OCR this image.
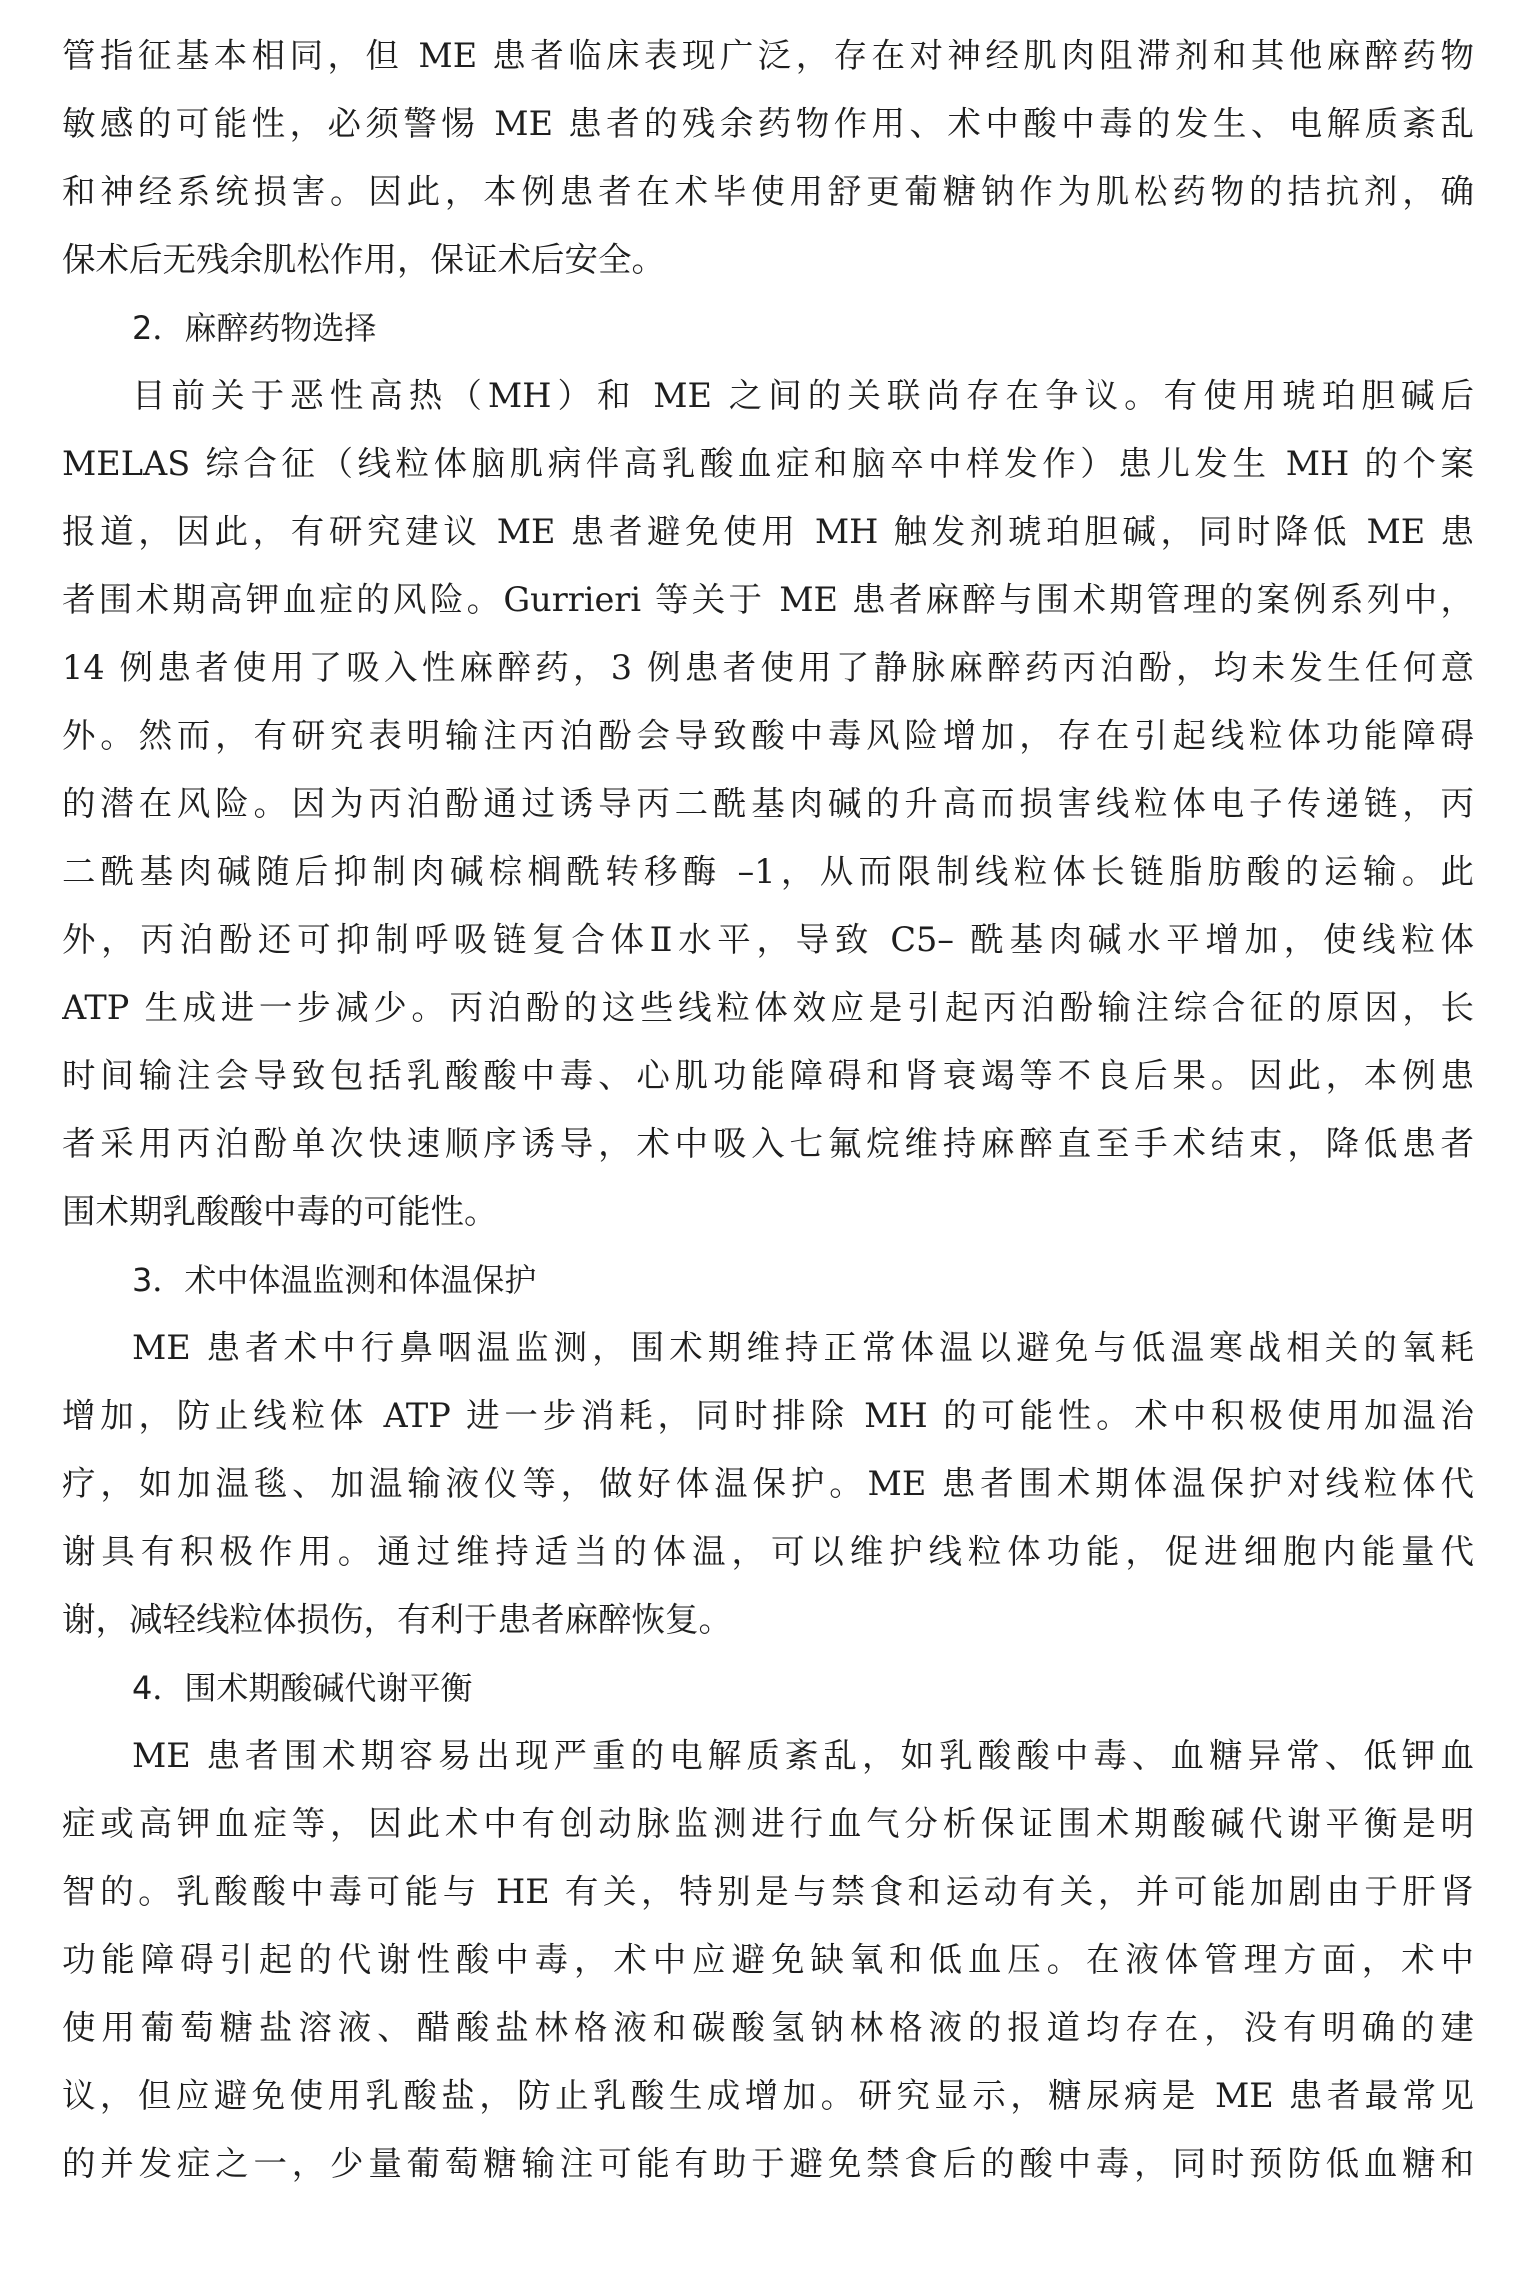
管指征基本相同，但 ME 患者临床表现广泛，存在对神经肌肉阻滞剂和其他麻醉药物
敏感的可能性，必须警惕 ME 患者的残余药物作用、术中酸中毒的发生、电解质紊乱
和神经系统损害。因此，本例患者在术毕使用舒更葡糖钠作为肌松药物的拮抗剂，确
保术后无残余肌松作用，保证术后安全。
2．麻醉药物选择
目前关于恶性高热（MH）和 ME 之间的关联尚存在争议。有使用琥珀胆碱后
MELAS 综合征（线粒体脑肌病伴高乳酸血症和脑卒中样发作）患儿发生 MH 的个案
报道，因此，有研究建议 ME 患者避免使用 MH 触发剂琥珀胆碱，同时降低 ME 患
者围术期高钾血症的风险。Gurrieri 等关于 ME 患者麻醉与围术期管理的案例系列中，
14 例患者使用了吸入性麻醉药，3 例患者使用了静脉麻醉药丙泊酚，均未发生任何意
外。然而，有研究表明输注丙泊酚会导致酸中毒风险增加，存在引起线粒体功能障碍
的潜在风险。因为丙泊酚通过诱导丙二酰基肉碱的升高而损害线粒体电子传递链，丙
二酰基肉碱随后抑制肉碱棕榈酰转移酶 –1，从而限制线粒体长链脂肪酸的运输。此
外，丙泊酚还可抑制呼吸链复合体Ⅱ水平，导致 C5– 酰基肉碱水平增加，使线粒体
ATP 生成进一步减少。丙泊酚的这些线粒体效应是引起丙泊酚输注综合征的原因，长
时间输注会导致包括乳酸酸中毒、心肌功能障碍和肾衰竭等不良后果。因此，本例患
者采用丙泊酚单次快速顺序诱导，术中吸入七氟烷维持麻醉直至手术结束，降低患者
围术期乳酸酸中毒的可能性。
3．术中体温监测和体温保护
ME 患者术中行鼻咽温监测，围术期维持正常体温以避免与低温寒战相关的氧耗
增加，防止线粒体 ATP 进一步消耗，同时排除 MH 的可能性。术中积极使用加温治
疗，如加温毯、加温输液仪等，做好体温保护。ME 患者围术期体温保护对线粒体代
谢具有积极作用。通过维持适当的体温，可以维护线粒体功能，促进细胞内能量代
谢，减轻线粒体损伤，有利于患者麻醉恢复。
4．围术期酸碱代谢平衡
ME 患者围术期容易出现严重的电解质紊乱，如乳酸酸中毒、血糖异常、低钾血
症或高钾血症等，因此术中有创动脉监测进行血气分析保证围术期酸碱代谢平衡是明
智的。乳酸酸中毒可能与 HE 有关，特别是与禁食和运动有关，并可能加剧由于肝肾
功能障碍引起的代谢性酸中毒，术中应避免缺氧和低血压。在液体管理方面，术中
使用葡萄糖盐溶液、醋酸盐林格液和碳酸氢钠林格液的报道均存在，没有明确的建
议，但应避免使用乳酸盐，防止乳酸生成增加。研究显示，糖尿病是 ME 患者最常见
的并发症之一，少量葡萄糖输注可能有助于避免禁食后的酸中毒，同时预防低血糖和
